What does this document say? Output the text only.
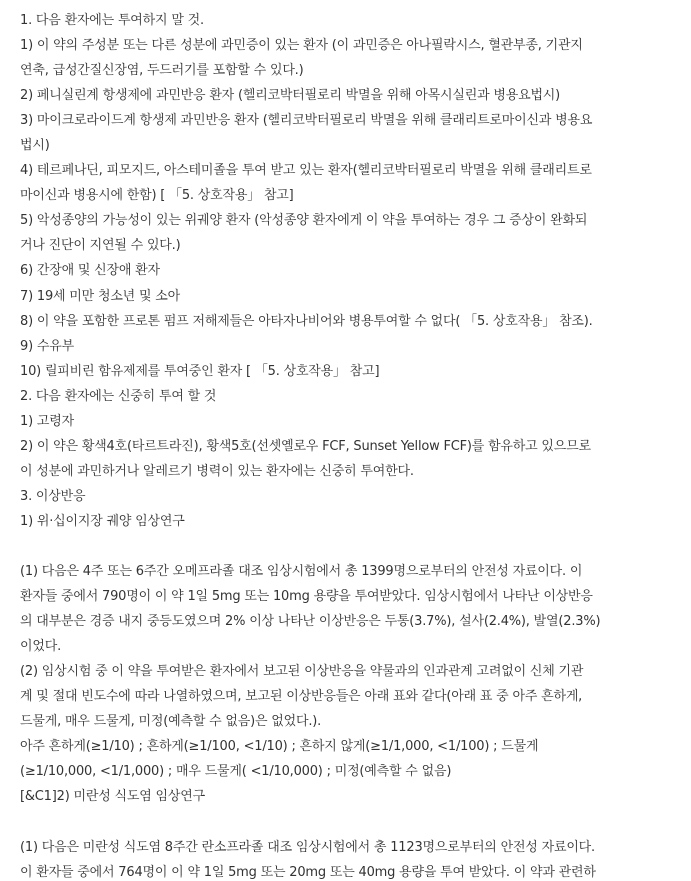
1. 다음 환자에는 투여하지 말 것.
1) 이 약의 주성분 또는 다른 성분에 과민증이 있는 환자 (이 과민증은 아나필락시스, 혈관부종, 기관지
연축, 급성간질신장염, 두드러기를 포함할 수 있다.)
2) 페니실린계 항생제에 과민반응 환자 (헬리코박터필로리 박멸을 위해 아목시실린과 병용요법시)
3) 마이크로라이드계 항생제 과민반응 환자 (헬리코박터필로리 박멸을 위해 클래리트로마이신과 병용요
법시)
4) 테르페나딘, 피모지드, 아스테미졸을 투여 받고 있는 환자(헬리코박터필로리 박멸을 위해 클래리트로
마이신과 병용시에 한함) [ 「5. 상호작용」 참고]
5) 악성종양의 가능성이 있는 위궤양 환자 (악성종양 환자에게 이 약을 투여하는 경우 그 증상이 완화되
거나 진단이 지연될 수 있다.)
6) 간장애 및 신장애 환자
7) 19세 미만 청소년 및 소아
8) 이 약을 포함한 프로톤 펌프 저해제들은 아타자나비어와 병용투여할 수 없다( 「5. 상호작용」 참조).
9) 수유부
10) 릴피비린 함유제제를 투여중인 환자 [ 「5. 상호작용」 참고]
2. 다음 환자에는 신중히 투여 할 것
1) 고령자
2) 이 약은 황색4호(타르트라진), 황색5호(선셋옐로우 FCF, Sunset Yellow FCF)를 함유하고 있으므로
이 성분에 과민하거나 알레르기 병력이 있는 환자에는 신중히 투여한다.
3. 이상반응
1) 위·십이지장 궤양 임상연구
(1) 다음은 4주 또는 6주간 오메프라졸 대조 임상시험에서 총 1399명으로부터의 안전성 자료이다. 이
환자들 중에서 790명이 이 약 1일 5mg 또는 10mg 용량을 투여받았다. 임상시험에서 나타난 이상반응
의 대부분은 경증 내지 중등도였으며 2% 이상 나타난 이상반응은 두통(3.7%), 설사(2.4%), 발열(2.3%)
이었다.
(2) 임상시험 중 이 약을 투여받은 환자에서 보고된 이상반응을 약물과의 인과관계 고려없이 신체 기관
계 및 절대 빈도수에 따라 나열하였으며, 보고된 이상반응들은 아래 표와 같다(아래 표 중 아주 흔하게,
드물게, 매우 드물게, 미정(예측할 수 없음)은 없었다.).
아주 흔하게(≥1/10) ; 흔하게(≥1/100, <1/10) ; 흔하지 않게(≥1/1,000, <1/100) ; 드물게
(≥1/10,000, <1/1,000) ; 매우 드물게( <1/10,000) ; 미정(예측할 수 없음)
[&C1]2) 미란성 식도염 임상연구
(1) 다음은 미란성 식도염 8주간 란소프라졸 대조 임상시험에서 총 1123명으로부터의 안전성 자료이다.
이 환자들 중에서 764명이 이 약 1일 5mg 또는 20mg 또는 40mg 용량을 투여 받았다. 이 약과 관련하
